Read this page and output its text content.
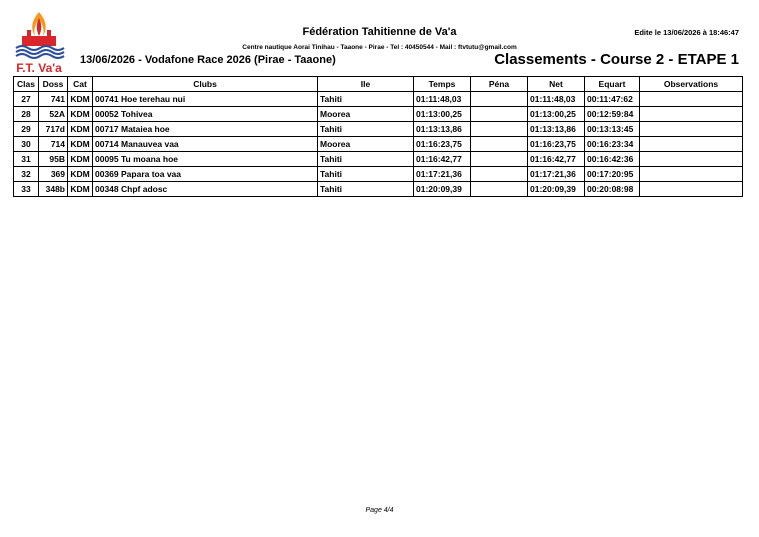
F.T. Va'a
Fédération Tahitienne de Va'a	Edite le 13/06/2026 à 18:46:47
Centre nautique Aorai Tinihau - Taaone - Pirae - Tel : 40450544 - Mail : ftvtutu@gmail.com
13/06/2026 - Vodafone Race 2026 (Pirae - Taaone)	Classements - Course 2 - ETAPE 1
Clas	Doss	Cat	Clubs	Ile	Temps	Péna	Net	Equart	Observations
27	741	KDM	00741 Hoe terehau nui	Tahiti	01:11:48,03		01:11:48,03	00:11:47:62	
28	52A	KDM	00052 Tohivea	Moorea	01:13:00,25		01:13:00,25	00:12:59:84	
29	717d	KDM	00717 Mataiea hoe	Tahiti	01:13:13,86		01:13:13,86	00:13:13:45	
30	714	KDM	00714 Manauvea vaa	Moorea	01:16:23,75		01:16:23,75	00:16:23:34	
31	95B	KDM	00095 Tu moana hoe	Tahiti	01:16:42,77		01:16:42,77	00:16:42:36	
32	369	KDM	00369 Papara toa vaa	Tahiti	01:17:21,36		01:17:21,36	00:17:20:95	
33	348b	KDM	00348 Chpf adosc	Tahiti	01:20:09,39		01:20:09,39	00:20:08:98	
Page 4/4
